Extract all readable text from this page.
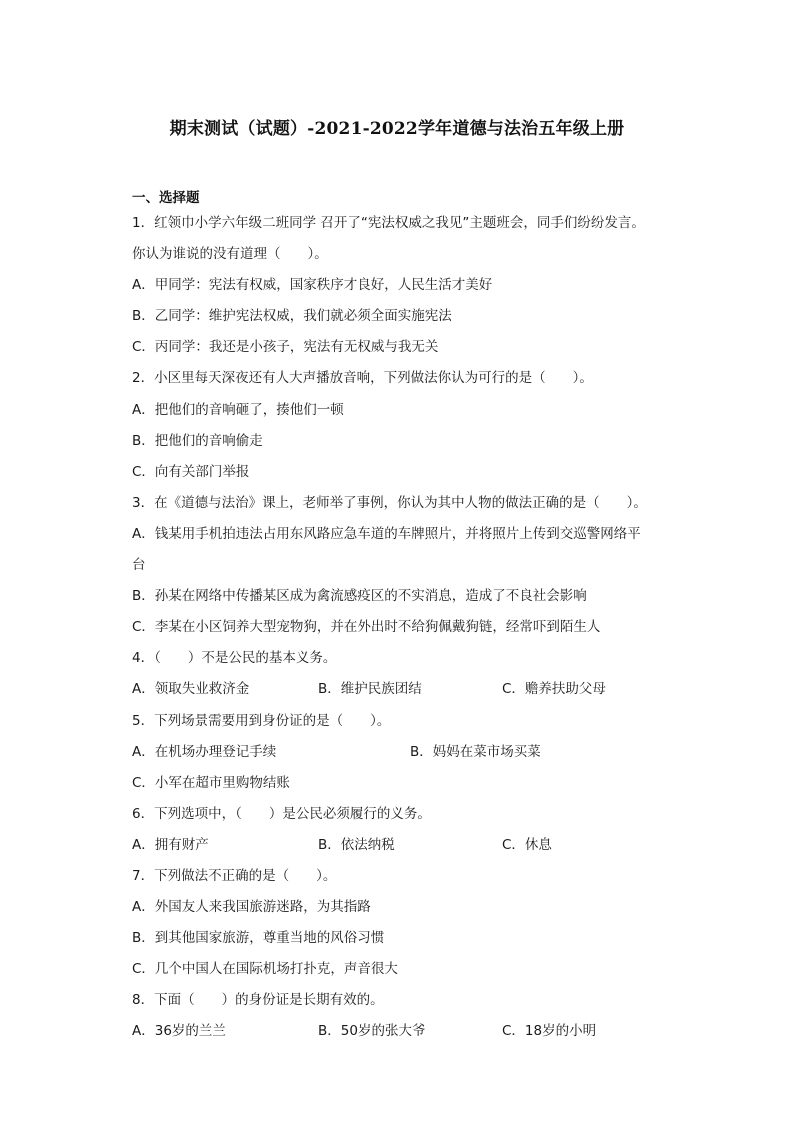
期末测试（试题）-2021-2022学年道德与法治五年级上册
一、选择题
1．红领巾小学六年级二班同学 召开了“宪法权威之我见”主题班会，同手们纷纷发言。
你认为谁说的没有道理（　　）。
A．甲同学：宪法有权威，国家秩序才良好，人民生活才美好
B．乙同学：维护宪法权威，我们就必须全面实施宪法
C．丙同学：我还是小孩子，宪法有无权威与我无关
2．小区里每天深夜还有人大声播放音响，下列做法你认为可行的是（　　）。
A．把他们的音响砸了，揍他们一顿
B．把他们的音响偷走
C．向有关部门举报
3．在《道德与法治》课上，老师举了事例，你认为其中人物的做法正确的是（　　）。
A．钱某用手机拍违法占用东风路应急车道的车牌照片，并将照片上传到交巡警网络平
台
B．孙某在网络中传播某区成为禽流感疫区的不实消息，造成了不良社会影响
C．李某在小区饲养大型宠物狗，并在外出时不给狗佩戴狗链，经常吓到陌生人
4．（　　）不是公民的基本义务。
A．领取失业救济金	B．维护民族团结	C．赡养扶助父母
5．下列场景需要用到身份证的是（　　）。
A．在机场办理登记手续	B．妈妈在菜市场买菜
C．小军在超市里购物结账
6．下列选项中，（　　）是公民必须履行的义务。
A．拥有财产	B．依法纳税	C．休息
7．下列做法不正确的是（　　）。
A．外国友人来我国旅游迷路，为其指路
B．到其他国家旅游，尊重当地的风俗习惯
C．几个中国人在国际机场打扑克，声音很大
8．下面（　　）的身份证是长期有效的。
A．36岁的兰兰	B．50岁的张大爷	C．18岁的小明
